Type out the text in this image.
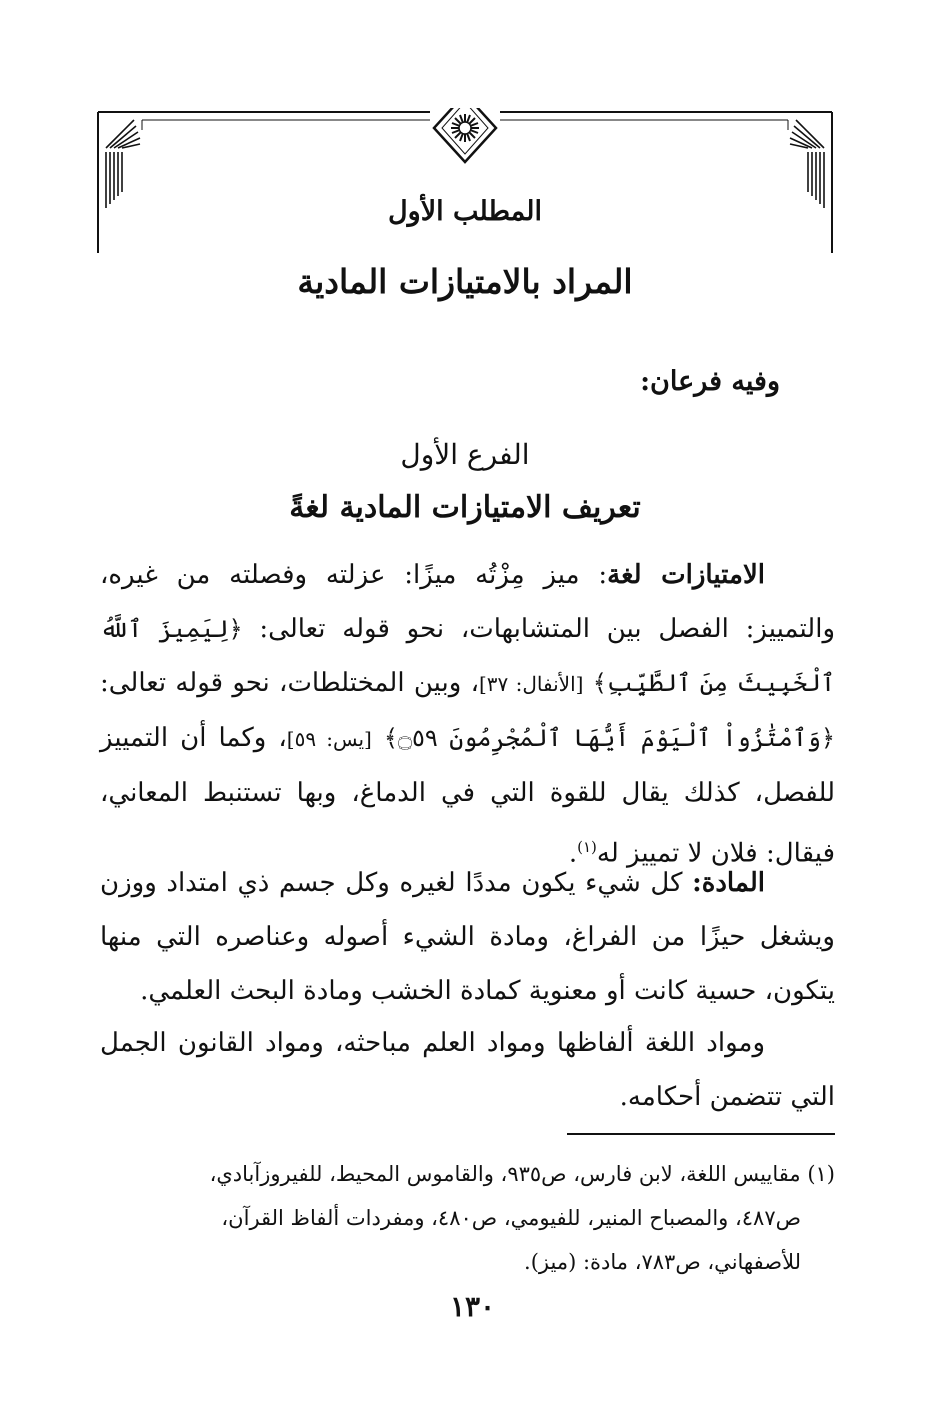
المطلب الأول
المراد بالامتيازات المادية
وفيه فرعان:
الفرع الأول
تعريف الامتيازات المادية لغةً
الامتيازات لغة: ميز مِزْتُه ميزًا: عزلته وفصلته من غيره، والتمييز: الفصل بين المتشابهات، نحو قوله تعالى: ﴿لِيَمِيزَ ٱللَّهُ ٱلْخَبِيثَ مِنَ ٱلطَّيِّبِ﴾ [الأنفال: ٣٧]، وبين المختلطات، نحو قوله تعالى: ﴿وَٱمْتَٰزُواْ ٱلْيَوْمَ أَيُّهَا ٱلْمُجْرِمُونَ ۝٥٩﴾ [يس: ٥٩]، وكما أن التمييز للفصل، كذلك يقال للقوة التي في الدماغ، وبها تستنبط المعاني، فيقال: فلان لا تمييز له$^{(١)}$.
المادة: كل شيء يكون مددًا لغيره وكل جسم ذي امتداد ووزن ويشغل حيزًا من الفراغ، ومادة الشيء أصوله وعناصره التي منها يتكون، حسية كانت أو معنوية كمادة الخشب ومادة البحث العلمي.
ومواد اللغة ألفاظها ومواد العلم مباحثه، ومواد القانون الجمل التي تتضمن أحكامه.
(١) مقاييس اللغة، لابن فارس، ص٩٣٥، والقاموس المحيط، للفيروزآبادي،
ص٤٨٧، والمصباح المنير، للفيومي، ص٤٨٠، ومفردات ألفاظ القرآن،
للأصفهاني، ص٧٨٣، مادة: (ميز).
١٣٠
